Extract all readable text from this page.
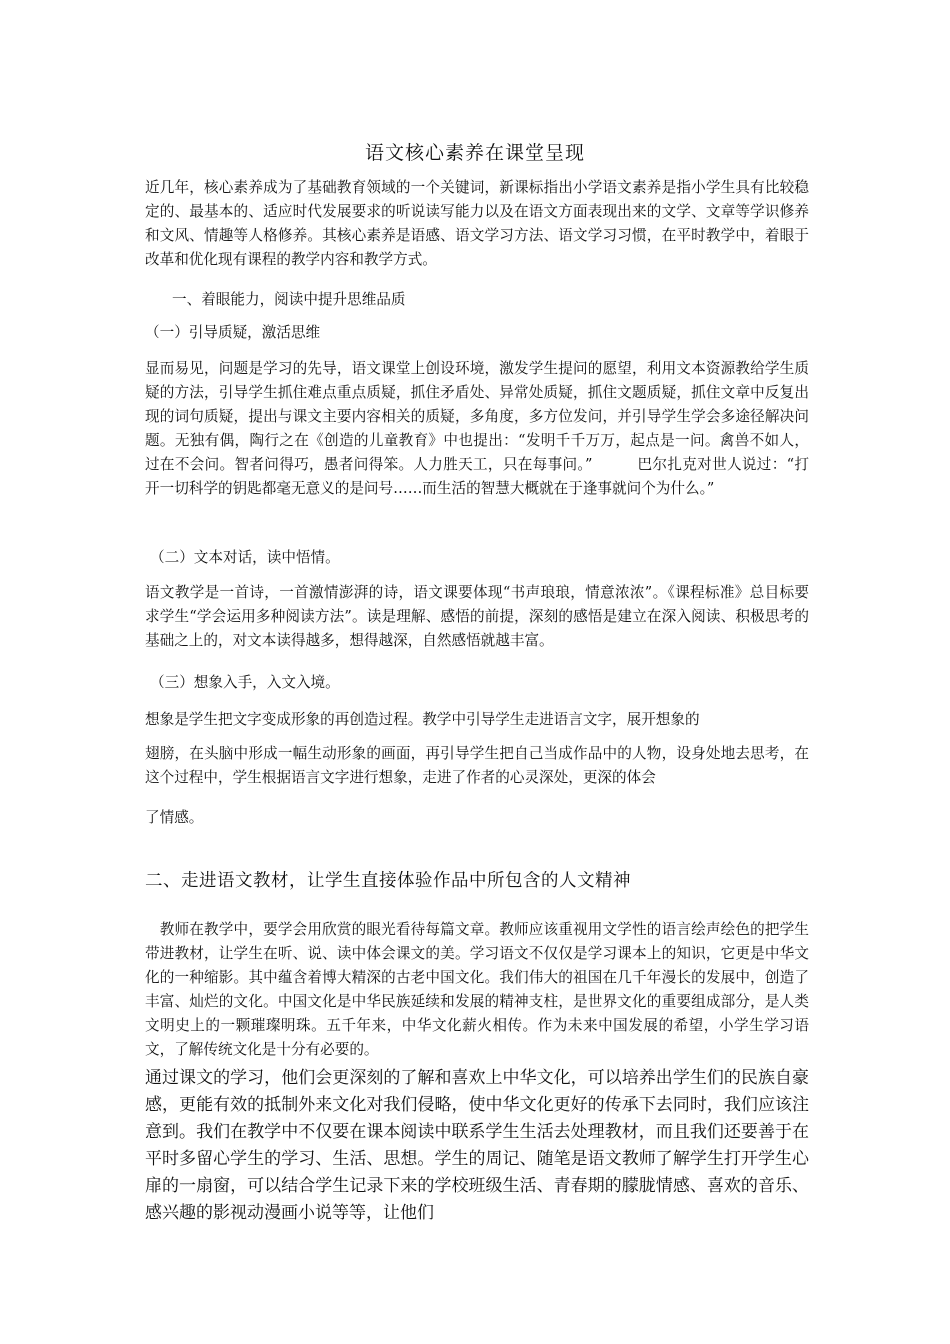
语文核心素养在课堂呈现

近几年，核心素养成为了基础教育领域的一个关键词，新课标指出小学语文素养是指小学生具有比较稳定的、最基本的、适应时代发展要求的听说读写能力以及在语文方面表现出来的文学、文章等学识修养和文风、情趣等人格修养。其核心素养是语感、语文学习方法、语文学习习惯，在平时教学中，着眼于改革和优化现有课程的教学内容和教学方式。

一、着眼能力，阅读中提升思维品质
（一）引导质疑，激活思维

显而易见，问题是学习的先导，语文课堂上创设环境，激发学生提问的愿望，利用文本资源教给学生质疑的方法，引导学生抓住难点重点质疑，抓住矛盾处、异常处质疑，抓住文题质疑，抓住文章中反复出现的词句质疑，提出与课文主要内容相关的质疑，多角度，多方位发问，并引导学生学会多途径解决问题。无独有偶，陶行之在《创造的儿童教育》中也提出：“发明千千万万，起点是一问。禽兽不如人，过在不会问。智者问得巧，愚者问得笨。人力胜天工，只在每事问。”　　　巴尔扎克对世人说过：“打开一切科学的钥匙都毫无意义的是问号……而生活的智慧大概就在于逢事就问个为什么。”

（二）文本对话，读中悟情。

语文教学是一首诗，一首激情澎湃的诗，语文课要体现“书声琅琅，情意浓浓”。《课程标准》总目标要求学生“学会运用多种阅读方法”。读是理解、感悟的前提，深刻的感悟是建立在深入阅读、积极思考的基础之上的，对文本读得越多，想得越深，自然感悟就越丰富。

（三）想象入手，入文入境。
想象是学生把文字变成形象的再创造过程。教学中引导学生走进语言文字，展开想象的

翅膀，在头脑中形成一幅生动形象的画面，再引导学生把自己当成作品中的人物，设身处地去思考，在这个过程中，学生根据语言文字进行想象，走进了作者的心灵深处，更深的体会

了情感。
二、走进语文教材，让学生直接体验作品中所包含的人文精神

　教师在教学中，要学会用欣赏的眼光看待每篇文章。教师应该重视用文学性的语言绘声绘色的把学生带进教材，让学生在听、说、读中体会课文的美。学习语文不仅仅是学习课本上的知识，它更是中华文化的一种缩影。其中蕴含着博大精深的古老中国文化。我们伟大的祖国在几千年漫长的发展中，创造了丰富、灿烂的文化。中国文化是中华民族延续和发展的精神支柱，是世界文化的重要组成部分，是人类文明史上的一颗璀璨明珠。五千年来，中华文化薪火相传。作为未来中国发展的希望，小学生学习语文，了解传统文化是十分有必要的。

通过课文的学习，他们会更深刻的了解和喜欢上中华文化，可以培养出学生们的民族自豪感，更能有效的抵制外来文化对我们侵略，使中华文化更好的传承下去同时，我们应该注意到。我们在教学中不仅要在课本阅读中联系学生生活去处理教材，而且我们还要善于在平时多留心学生的学习、生活、思想。学生的周记、随笔是语文教师了解学生打开学生心扉的一扇窗，可以结合学生记录下来的学校班级生活、青春期的朦胧情感、喜欢的音乐、感兴趣的影视动漫画小说等等，让他们
